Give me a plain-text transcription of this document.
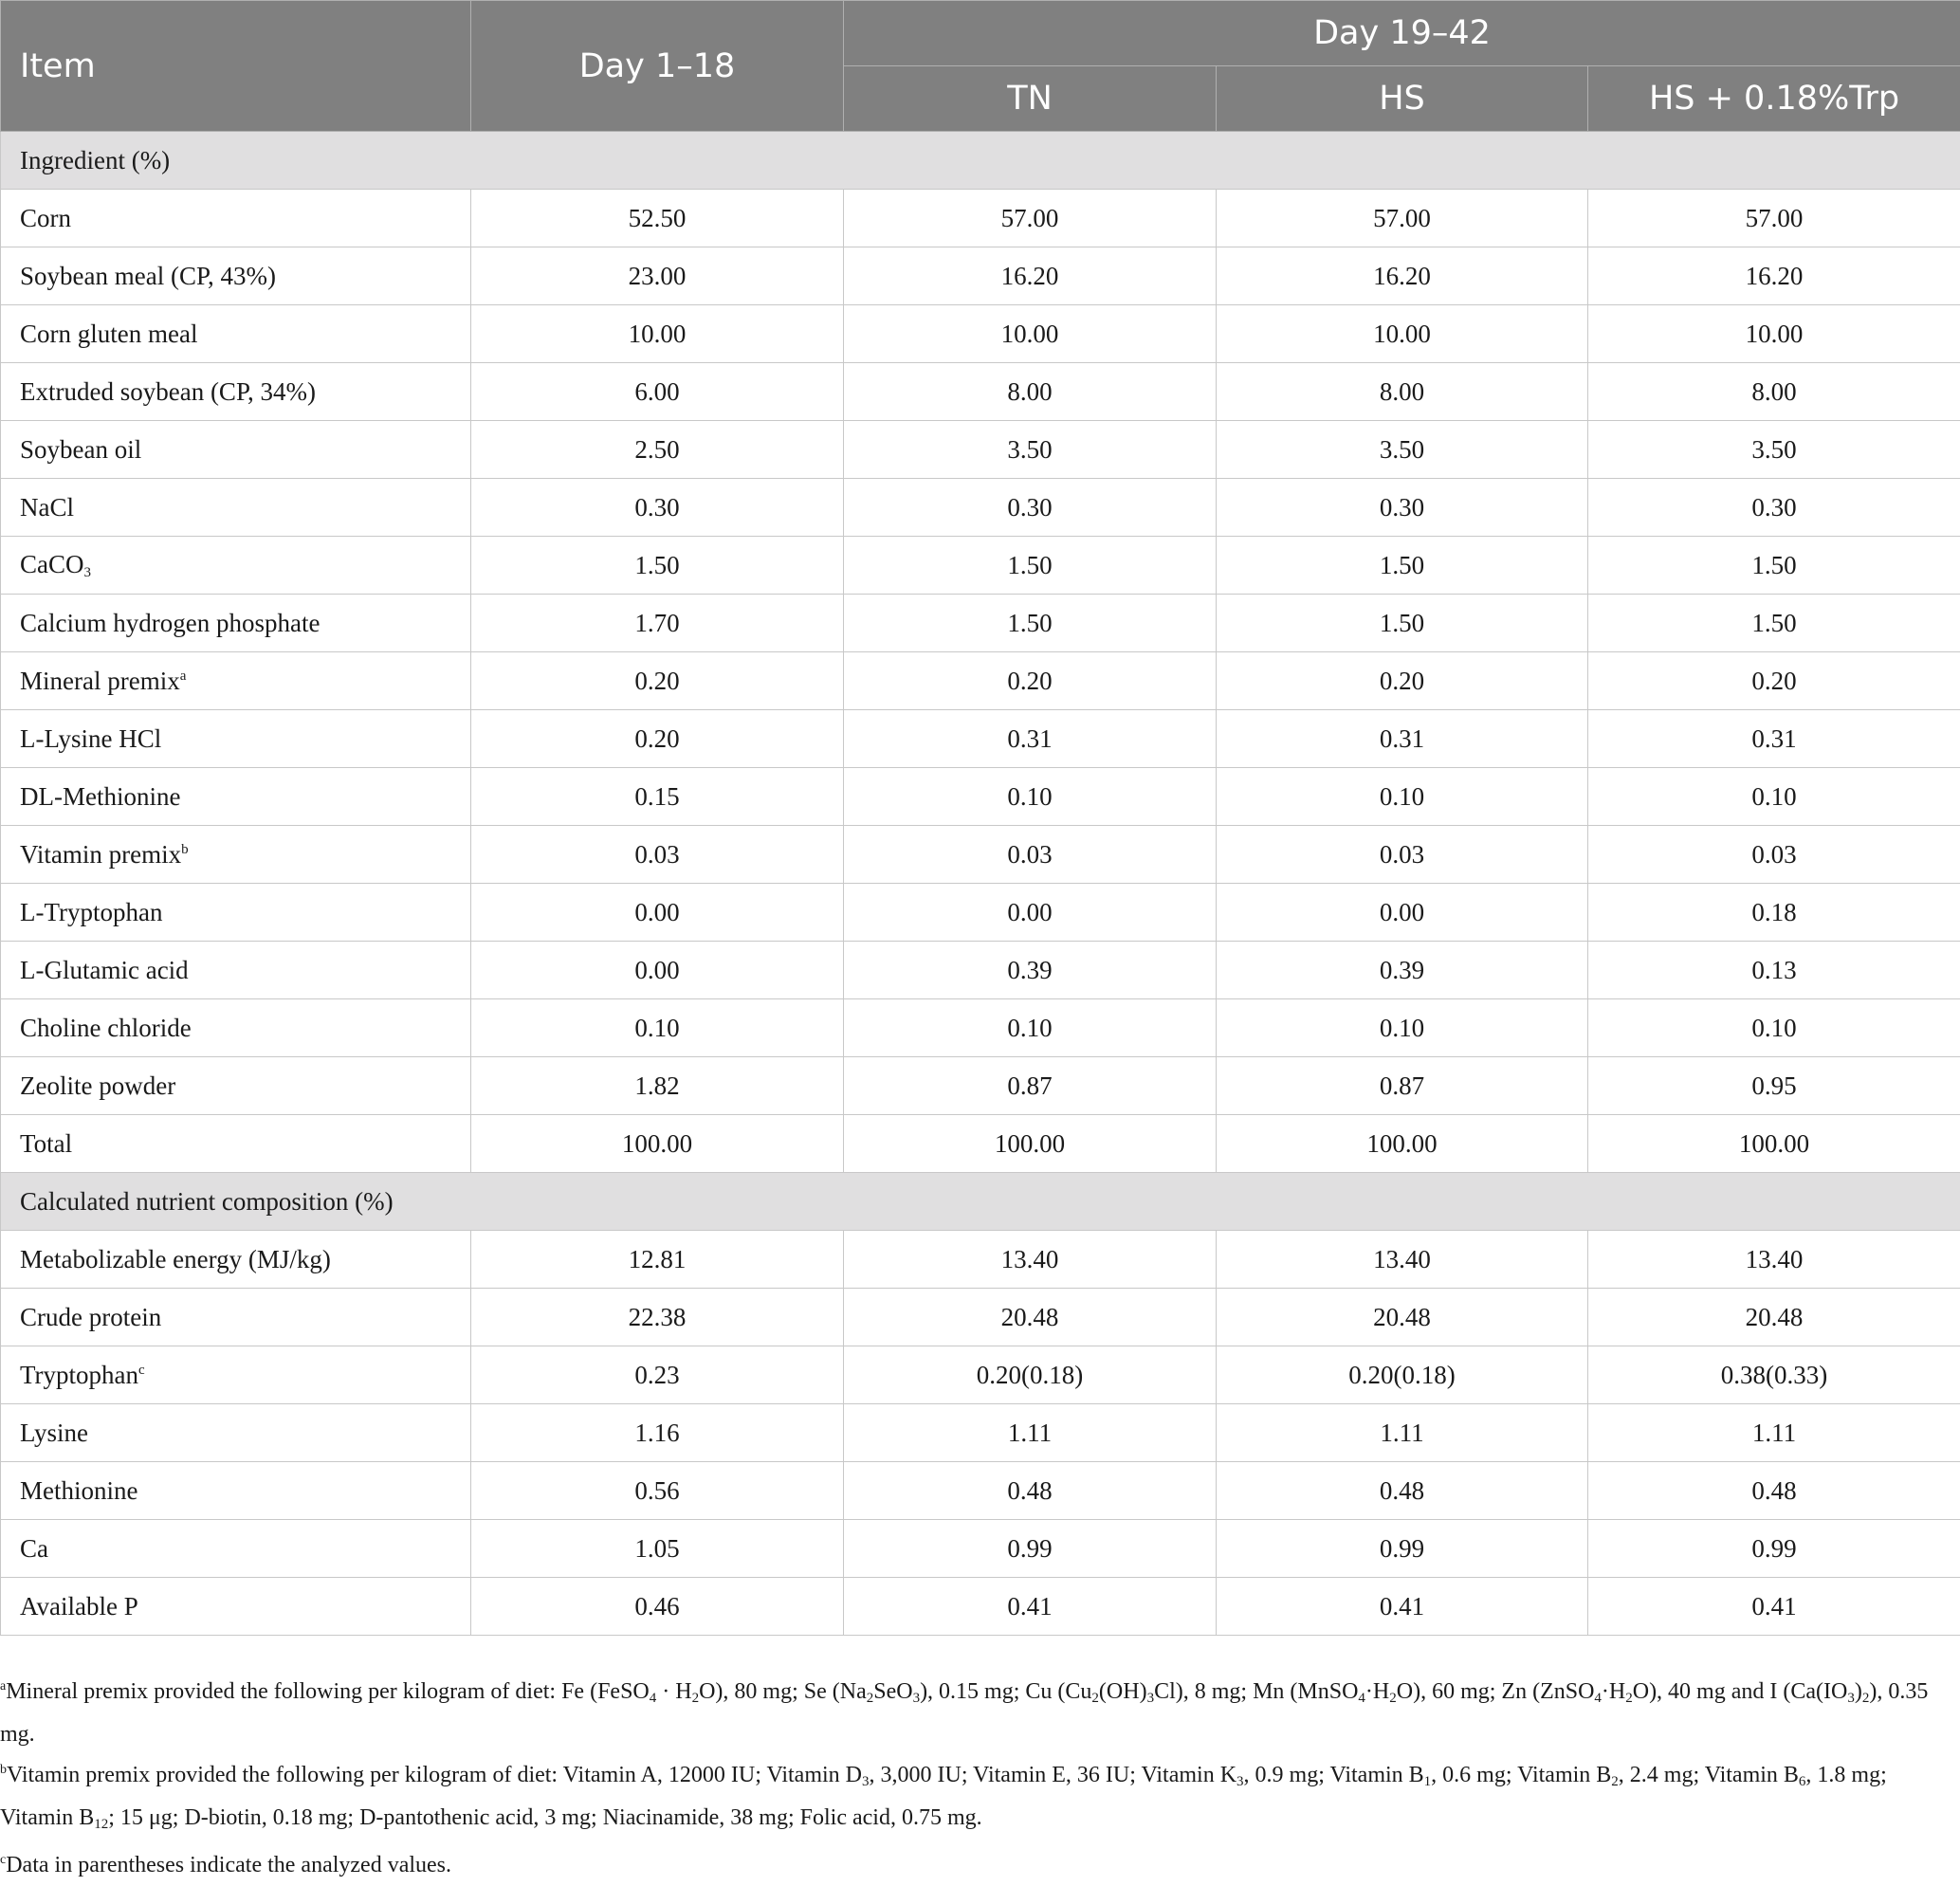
Item	Day 1–18	Day 19–42		
		TN	HS	HS + 0.18%Trp
Ingredient (%)				
Corn	52.50	57.00	57.00	57.00
Soybean meal (CP, 43%)	23.00	16.20	16.20	16.20
Corn gluten meal	10.00	10.00	10.00	10.00
Extruded soybean (CP, 34%)	6.00	8.00	8.00	8.00
Soybean oil	2.50	3.50	3.50	3.50
NaCl	0.30	0.30	0.30	0.30
CaCO$_3$	1.50	1.50	1.50	1.50
Calcium hydrogen phosphate	1.70	1.50	1.50	1.50
Mineral premix$^a$	0.20	0.20	0.20	0.20
L-Lysine HCl	0.20	0.31	0.31	0.31
DL-Methionine	0.15	0.10	0.10	0.10
Vitamin premix$^b$	0.03	0.03	0.03	0.03
L-Tryptophan	0.00	0.00	0.00	0.18
L-Glutamic acid	0.00	0.39	0.39	0.13
Choline chloride	0.10	0.10	0.10	0.10
Zeolite powder	1.82	0.87	0.87	0.95
Total	100.00	100.00	100.00	100.00
Calculated nutrient composition (%)				
Metabolizable energy (MJ/kg)	12.81	13.40	13.40	13.40
Crude protein	22.38	20.48	20.48	20.48
Tryptophan$^c$	0.23	0.20(0.18)	0.20(0.18)	0.38(0.33)
Lysine	1.16	1.11	1.11	1.11
Methionine	0.56	0.48	0.48	0.48
Ca	1.05	0.99	0.99	0.99
Available P	0.46	0.41	0.41	0.41
$^a$Mineral premix provided the following per kilogram of diet: Fe (FeSO$_4$ · $H_2O$), 80 mg; Se $(Na_2SeO_3)$, 0.15 mg; Cu $(Cu_2(OH)_3Cl)$, 8 mg; Mn $(MnSO_4\cdot H_2O)$, 60 mg; Zn $(ZnSO_4\cdot H_2O)$, 40 mg and I $(Ca(IO_3)_2)$, 0.35 mg.
$^b$Vitamin premix provided the following per kilogram of diet: Vitamin A, 12000 IU; Vitamin $D_3$, 3,000 IU; Vitamin E, 36 IU; Vitamin $K_3$, 0.9 mg; Vitamin $B_1$, 0.6 mg; Vitamin $B_2$, 2.4 mg; Vitamin $B_6$, 1.8 mg; Vitamin $B_{12}$; 15 μg; D-biotin, 0.18 mg; D-pantothenic acid, 3 mg; Niacinamide, 38 mg; Folic acid, 0.75 mg.
$^c$Data in parentheses indicate the analyzed values.
